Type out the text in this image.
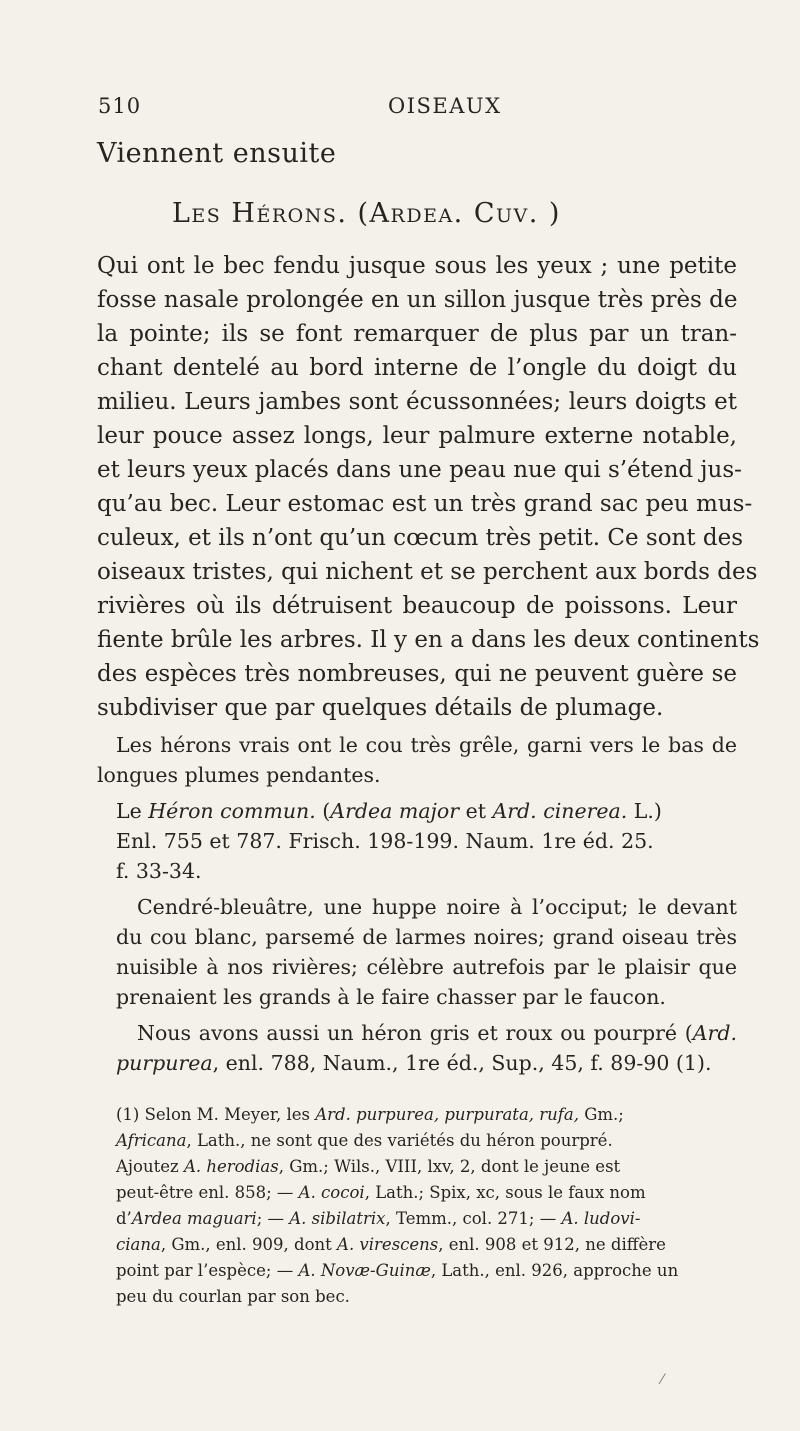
510	OISEAUX
Viennent ensuite
Les Hérons. (Ardea. Cuv. )
Qui ont le bec fendu jusque sous les yeux ; une petite
fosse nasale prolongée en un sillon jusque très près de
la pointe; ils se font remarquer de plus par un tran-
chant dentelé au bord interne de l’ongle du doigt du
milieu. Leurs jambes sont écussonnées; leurs doigts et
leur pouce assez longs, leur palmure externe notable,
et leurs yeux placés dans une peau nue qui s’étend jus-
qu’au bec. Leur estomac est un très grand sac peu mus-
culeux, et ils n’ont qu’un cœcum très petit. Ce sont des
oiseaux tristes, qui nichent et se perchent aux bords des
rivières où ils détruisent beaucoup de poissons. Leur
fiente brûle les arbres. Il y en a dans les deux continents
des espèces très nombreuses, qui ne peuvent guère se
subdiviser que par quelques détails de plumage.
Les hérons vrais ont le cou très grêle, garni vers le bas de
longues plumes pendantes.
Le Héron commun. (Ardea major et Ard. cinerea. L.)
Enl. 755 et 787. Frisch. 198-199. Naum. 1re éd. 25.
f. 33-34.
Cendré-bleuâtre, une huppe noire à l’occiput; le devant
du cou blanc, parsemé de larmes noires; grand oiseau très
nuisible à nos rivières; célèbre autrefois par le plaisir que
prenaient les grands à le faire chasser par le faucon.
Nous avons aussi un héron gris et roux ou pourpré (Ard.
purpurea, enl. 788, Naum., 1re éd., Sup., 45, f. 89-90 (1).
(1) Selon M. Meyer, les Ard. purpurea, purpurata, rufa, Gm.;
Africana, Lath., ne sont que des variétés du héron pourpré.
Ajoutez A. herodias, Gm.; Wils., VIII, lxv, 2, dont le jeune est
peut-être enl. 858; — A. cocoi, Lath.; Spix, xc, sous le faux nom
d’Ardea maguari; — A. sibilatrix, Temm., col. 271; — A. ludovi-
ciana, Gm., enl. 909, dont A. virescens, enl. 908 et 912, ne diffère
point par l’espèce; — A. Novæ-Guinæ, Lath., enl. 926, approche un
peu du courlan par son bec.
⁄
